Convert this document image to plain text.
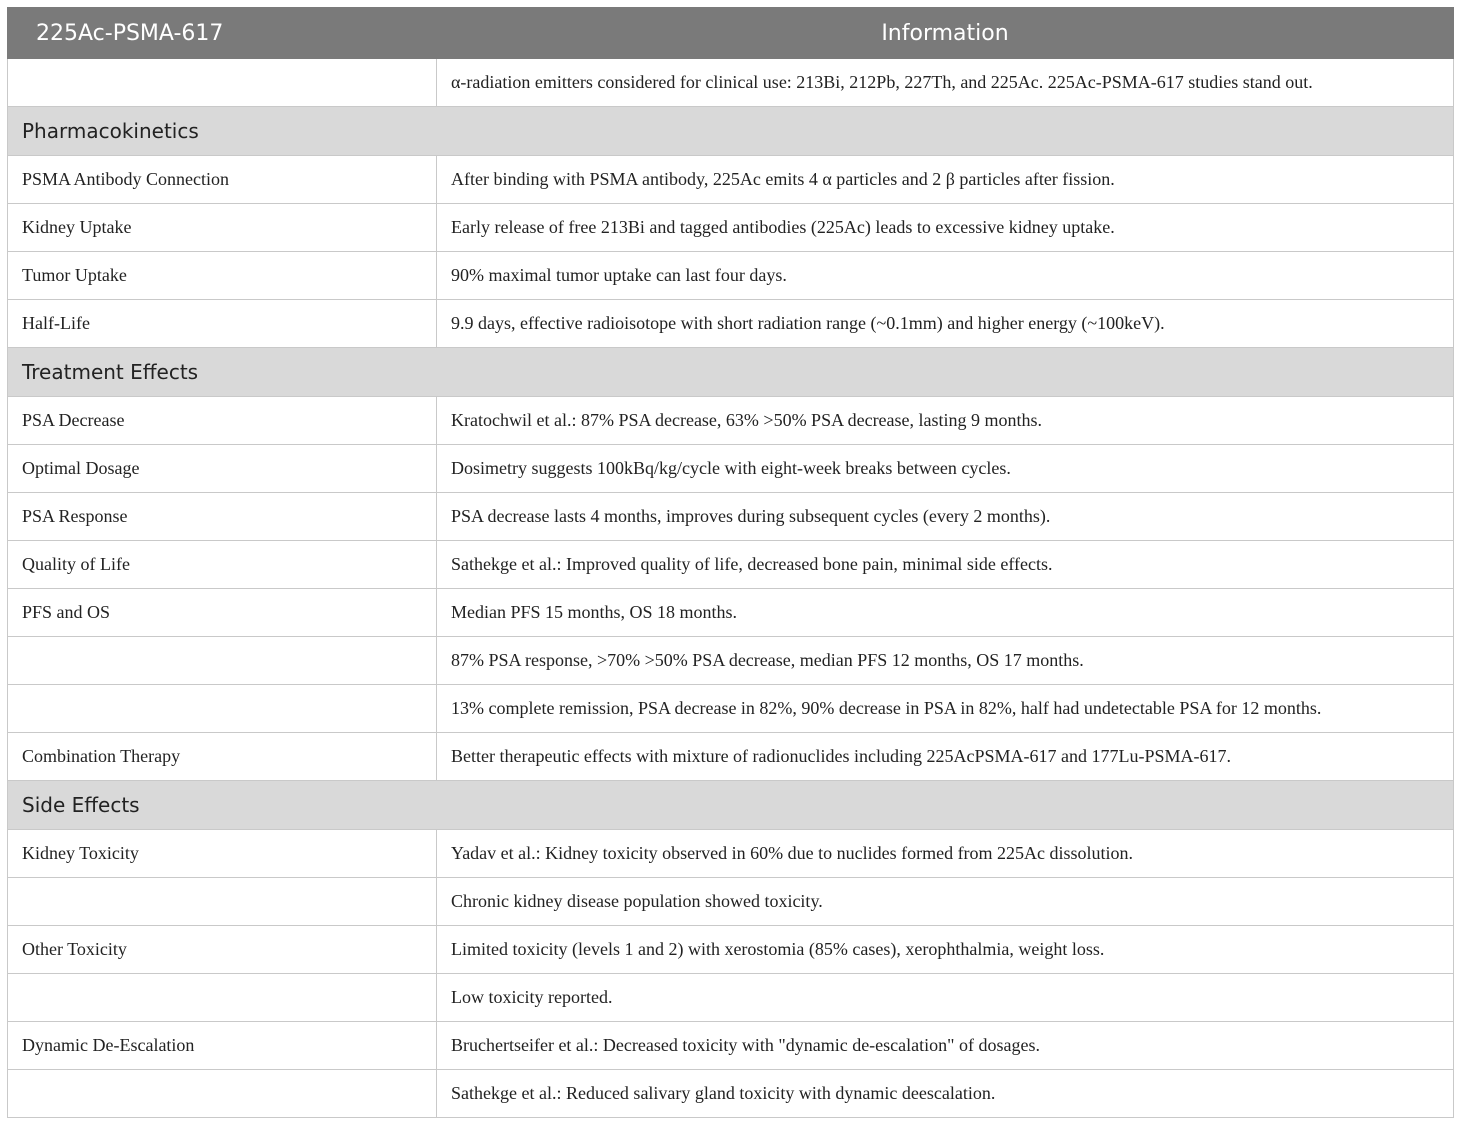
225Ac-PSMA-617	Information
	α-radiation emitters considered for clinical use: 213Bi, 212Pb, 227Th, and 225Ac. 225Ac-PSMA-617 studies stand out.
Pharmacokinetics	
PSMA Antibody Connection	After binding with PSMA antibody, 225Ac emits 4 α particles and 2 β particles after fission.
Kidney Uptake	Early release of free 213Bi and tagged antibodies (225Ac) leads to excessive kidney uptake.
Tumor Uptake	90% maximal tumor uptake can last four days.
Half-Life	9.9 days, effective radioisotope with short radiation range (~0.1mm) and higher energy (~100keV).
Treatment Effects	
PSA Decrease	Kratochwil et al.: 87% PSA decrease, 63% >50% PSA decrease, lasting 9 months.
Optimal Dosage	Dosimetry suggests 100kBq/kg/cycle with eight-week breaks between cycles.
PSA Response	PSA decrease lasts 4 months, improves during subsequent cycles (every 2 months).
Quality of Life	Sathekge et al.: Improved quality of life, decreased bone pain, minimal side effects.
PFS and OS	Median PFS 15 months, OS 18 months.
	87% PSA response, >70% >50% PSA decrease, median PFS 12 months, OS 17 months.
	13% complete remission, PSA decrease in 82%, 90% decrease in PSA in 82%, half had undetectable PSA for 12 months.
Combination Therapy	Better therapeutic effects with mixture of radionuclides including 225AcPSMA-617 and 177Lu-PSMA-617.
Side Effects	
Kidney Toxicity	Yadav et al.: Kidney toxicity observed in 60% due to nuclides formed from 225Ac dissolution.
	Chronic kidney disease population showed toxicity.
Other Toxicity	Limited toxicity (levels 1 and 2) with xerostomia (85% cases), xerophthalmia, weight loss.
	Low toxicity reported.
Dynamic De-Escalation	Bruchertseifer et al.: Decreased toxicity with "dynamic de-escalation" of dosages.
	Sathekge et al.: Reduced salivary gland toxicity with dynamic deescalation.
